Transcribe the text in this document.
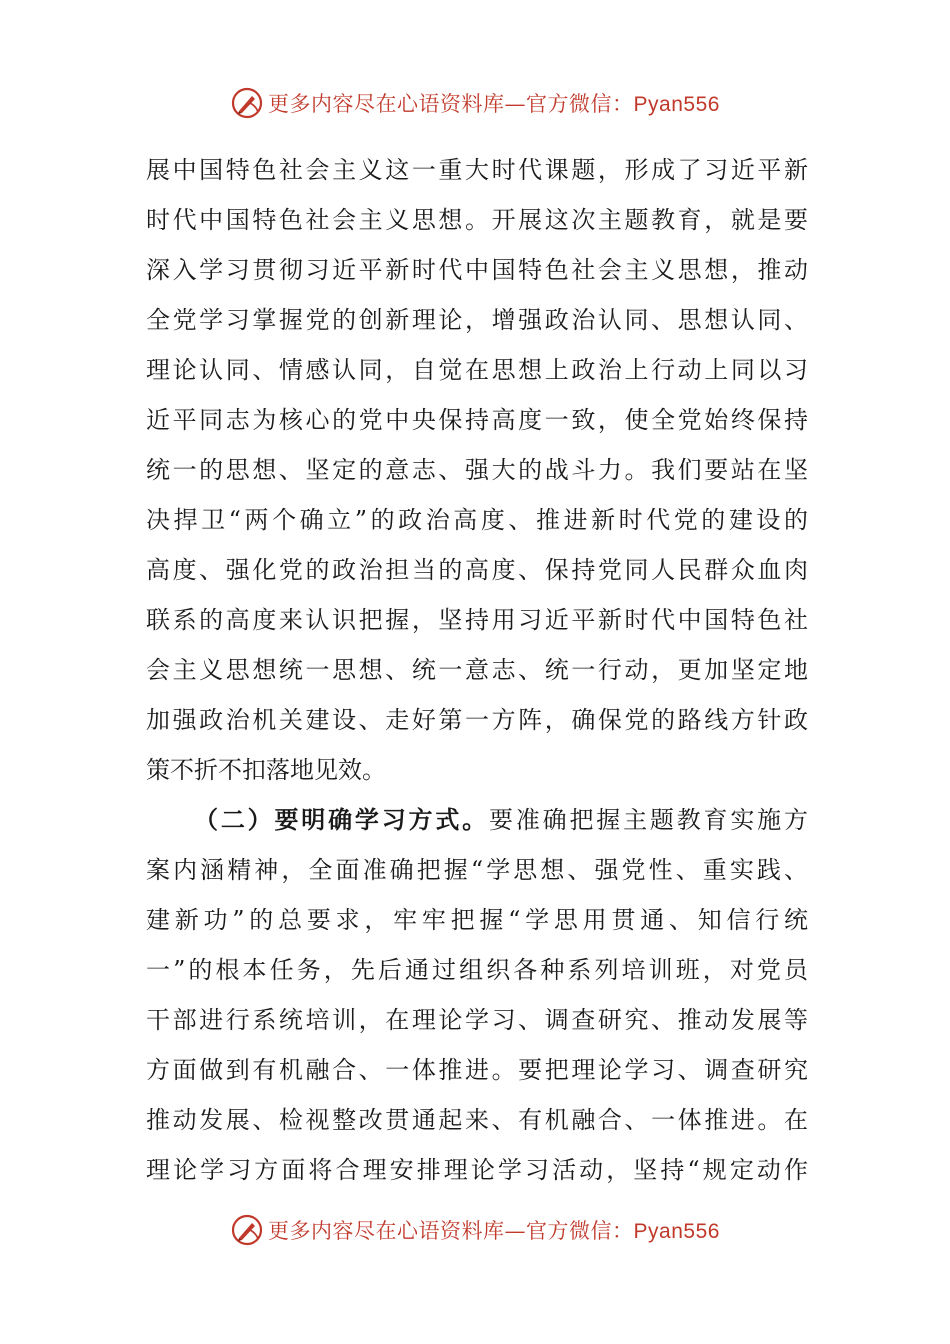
更多内容尽在心语资料库—官方微信：Pyan556
展中国特色社会主义这一重大时代课题，形成了习近平新
时代中国特色社会主义思想。开展这次主题教育，就是要
深入学习贯彻习近平新时代中国特色社会主义思想，推动
全党学习掌握党的创新理论，增强政治认同、思想认同、
理论认同、情感认同，自觉在思想上政治上行动上同以习
近平同志为核心的党中央保持高度一致，使全党始终保持
统一的思想、坚定的意志、强大的战斗力。我们要站在坚
决捍卫“两个确立”的政治高度、推进新时代党的建设的
高度、强化党的政治担当的高度、保持党同人民群众血肉
联系的高度来认识把握，坚持用习近平新时代中国特色社
会主义思想统一思想、统一意志、统一行动，更加坚定地
加强政治机关建设、走好第一方阵，确保党的路线方针政
策不折不扣落地见效。
（二）要明确学习方式。要准确把握主题教育实施方
案内涵精神，全面准确把握“学思想、强党性、重实践、
建新功”的总要求，牢牢把握“学思用贯通、知信行统
一”的根本任务，先后通过组织各种系列培训班，对党员
干部进行系统培训，在理论学习、调查研究、推动发展等
方面做到有机融合、一体推进。要把理论学习、调查研究
推动发展、检视整改贯通起来、有机融合、一体推进。在
理论学习方面将合理安排理论学习活动，坚持“规定动作
更多内容尽在心语资料库—官方微信：Pyan556
